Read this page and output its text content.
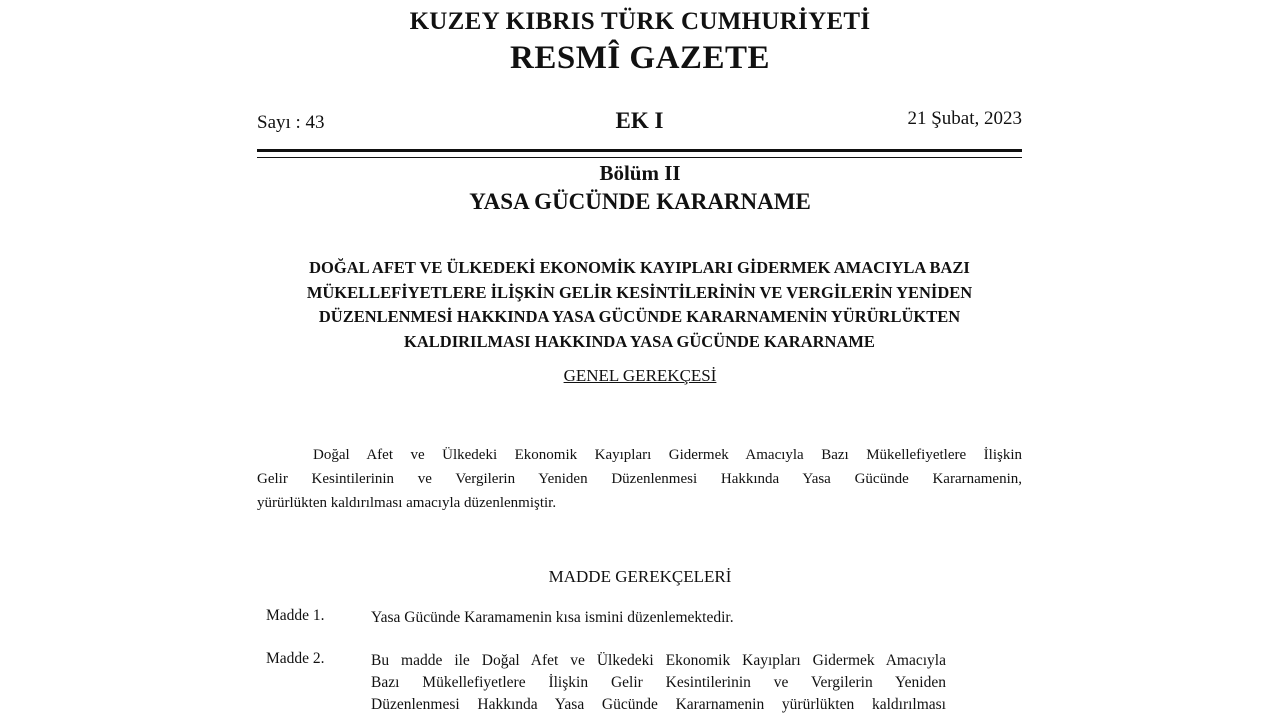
KUZEY KIBRIS TÜRK CUMHURİYETİ
RESMÎ GAZETE
Sayı : 43	EK I	21 Şubat, 2023
Bölüm II
YASA GÜCÜNDE KARARNAME
DOĞAL AFET VE ÜLKEDEKİ EKONOMİK KAYIPLARI GİDERMEK AMACIYLA BAZI
MÜKELLEFİYETLERE İLİŞKİN GELİR KESİNTİLERİNİN VE VERGİLERİN YENİDEN
DÜZENLENMESİ HAKKINDA YASA GÜCÜNDE KARARNAMENİN YÜRÜRLÜKTEN
KALDIRILMASI HAKKINDA YASA GÜCÜNDE KARARNAME
GENEL GEREKÇESİ
Doğal Afet ve Ülkedeki Ekonomik Kayıpları Gidermek Amacıyla Bazı Mükellefiyetlere İlişkin
Gelir Kesintilerinin ve Vergilerin Yeniden Düzenlenmesi Hakkında Yasa Gücünde Kararnamenin,
yürürlükten kaldırılması amacıyla düzenlenmiştir.
MADDE GEREKÇELERİ
Madde 1.	Yasa Gücünde Karamamenin kısa ismini düzenlemektedir.
Madde 2.	Bu madde ile Doğal Afet ve Ülkedeki Ekonomik Kayıpları Gidermek Amacıyla
Bazı Mükellefiyetlere İlişkin Gelir Kesintilerinin ve Vergilerin Yeniden
Düzenlenmesi Hakkında Yasa Gücünde Kararnamenin yürürlükten kaldırılması
